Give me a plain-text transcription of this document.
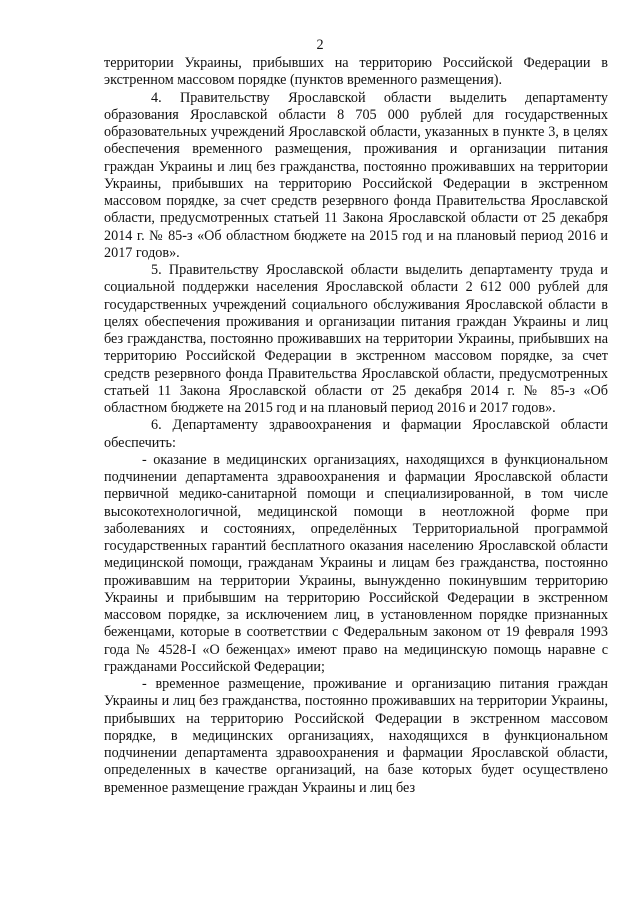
2

территории Украины, прибывших на территорию Российской Федерации в экстренном массовом порядке (пунктов временного размещения).

4. Правительству Ярославской области выделить департаменту образования Ярославской области 8 705 000 рублей для государственных образовательных учреждений Ярославской области, указанных в пункте 3, в целях обеспечения временного размещения, проживания и организации питания граждан Украины и лиц без гражданства, постоянно проживавших на территории Украины, прибывших на территорию Российской Федерации в экстренном массовом порядке, за счет средств резервного фонда Правительства Ярославской области, предусмотренных статьей 11 Закона Ярославской области от 25 декабря 2014 г. № 85-з «Об областном бюджете на 2015 год и на плановый период 2016 и 2017 годов».

5. Правительству Ярославской области выделить департаменту труда и социальной поддержки населения Ярославской области 2 612 000 рублей для государственных учреждений социального обслуживания Ярославской области в целях обеспечения проживания и организации питания граждан Украины и лиц без гражданства, постоянно проживавших на территории Украины, прибывших на территорию Российской Федерации в экстренном массовом порядке, за счет средств резервного фонда Правительства Ярославской области, предусмотренных статьей 11 Закона Ярославской области от 25 декабря 2014 г. № 85-з «Об областном бюджете на 2015 год и на плановый период 2016 и 2017 годов».

6. Департаменту здравоохранения и фармации Ярославской области обеспечить:

- оказание в медицинских организациях, находящихся в функциональном подчинении департамента здравоохранения и фармации Ярославской области первичной медико-санитарной помощи и специализированной, в том числе высокотехнологичной, медицинской помощи в неотложной форме при заболеваниях и состояниях, определённых Территориальной программой государственных гарантий бесплатного оказания населению Ярославской области медицинской помощи, гражданам Украины и лицам без гражданства, постоянно проживавшим на территории Украины, вынужденно покинувшим территорию Украины и прибывшим на территорию Российской Федерации в экстренном массовом порядке, за исключением лиц, в установленном порядке признанных беженцами, которые в соответствии с Федеральным законом от 19 февраля 1993 года № 4528-I «О беженцах» имеют право на медицинскую помощь наравне с гражданами Российской Федерации;

- временное размещение, проживание и организацию питания граждан Украины и лиц без гражданства, постоянно проживавших на территории Украины, прибывших на территорию Российской Федерации в экстренном массовом порядке, в медицинских организациях, находящихся в функциональном подчинении департамента здравоохранения и фармации Ярославской области, определенных в качестве организаций, на базе которых будет осуществлено временное размещение граждан Украины и лиц без
